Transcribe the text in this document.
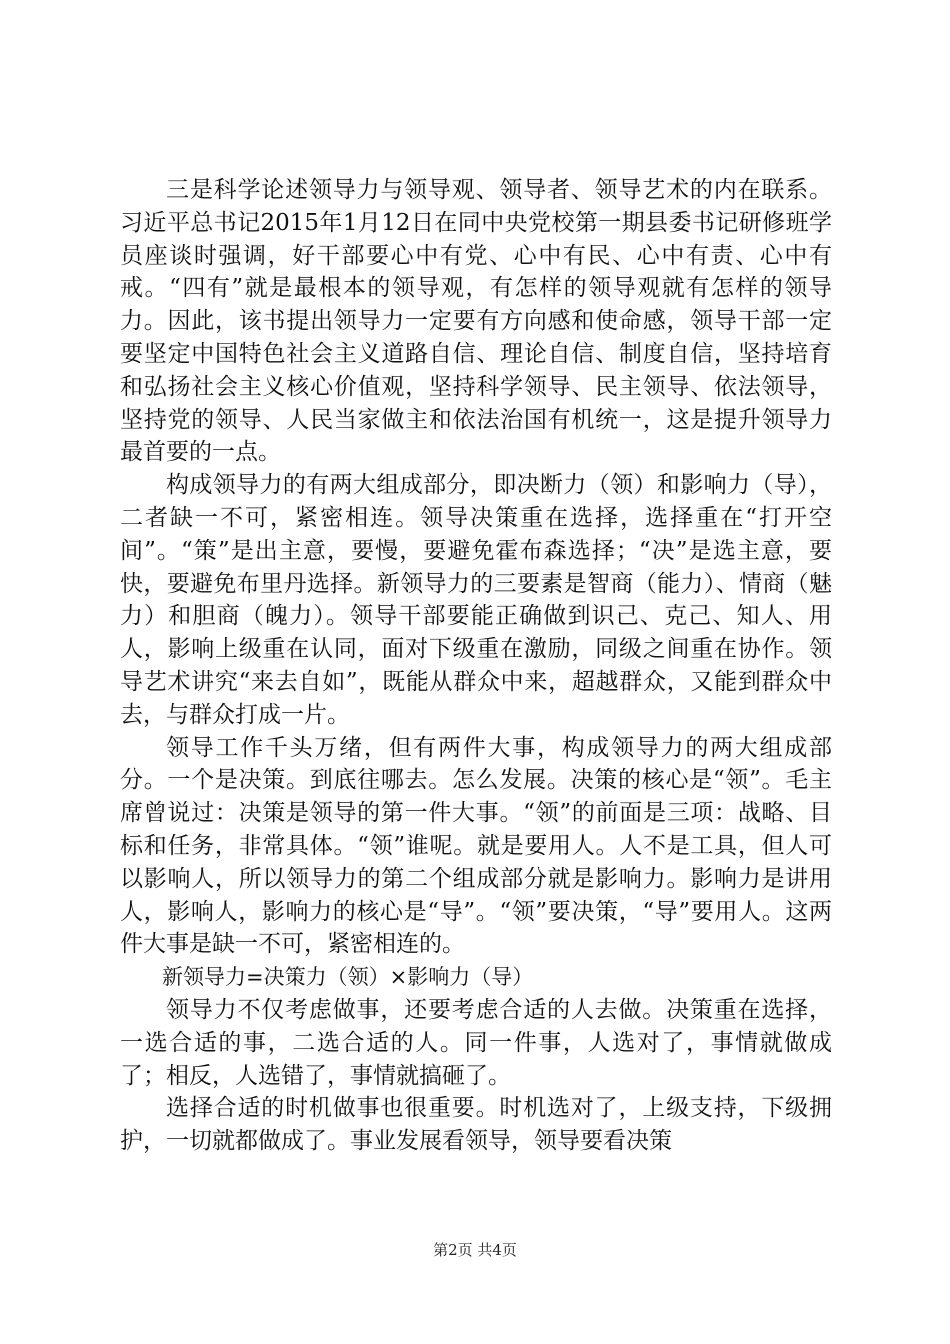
三是科学论述领导力与领导观、领导者、领导艺术的内在联系。习近平总书记2015年1月12日在同中央党校第一期县委书记研修班学员座谈时强调，好干部要心中有党、心中有民、心中有责、心中有戒。“四有”就是最根本的领导观，有怎样的领导观就有怎样的领导力。因此，该书提出领导力一定要有方向感和使命感，领导干部一定要坚定中国特色社会主义道路自信、理论自信、制度自信，坚持培育和弘扬社会主义核心价值观，坚持科学领导、民主领导、依法领导，坚持党的领导、人民当家做主和依法治国有机统一，这是提升领导力最首要的一点。

构成领导力的有两大组成部分，即决断力（领）和影响力（导），二者缺一不可，紧密相连。领导决策重在选择，选择重在“打开空间”。“策”是出主意，要慢，要避免霍布森选择；“决”是选主意，要快，要避免布里丹选择。新领导力的三要素是智商（能力）、情商（魅力）和胆商（魄力）。领导干部要能正确做到识己、克己、知人、用人，影响上级重在认同，面对下级重在激励，同级之间重在协作。领导艺术讲究“来去自如”，既能从群众中来，超越群众，又能到群众中去，与群众打成一片。

领导工作千头万绪，但有两件大事，构成领导力的两大组成部分。一个是决策。到底往哪去。怎么发展。决策的核心是“领”。毛主席曾说过：决策是领导的第一件大事。“领”的前面是三项：战略、目标和任务，非常具体。“领”谁呢。就是要用人。人不是工具，但人可以影响人，所以领导力的第二个组成部分就是影响力。影响力是讲用人，影响人，影响力的核心是“导”。“领”要决策，“导”要用人。这两件大事是缺一不可，紧密相连的。

新领导力=决策力（领）×影响力（导）

领导力不仅考虑做事，还要考虑合适的人去做。决策重在选择，一选合适的事，二选合适的人。同一件事，人选对了，事情就做成了；相反，人选错了，事情就搞砸了。

选择合适的时机做事也很重要。时机选对了，上级支持，下级拥护，一切就都做成了。事业发展看领导，领导要看决策

第2页 共4页
